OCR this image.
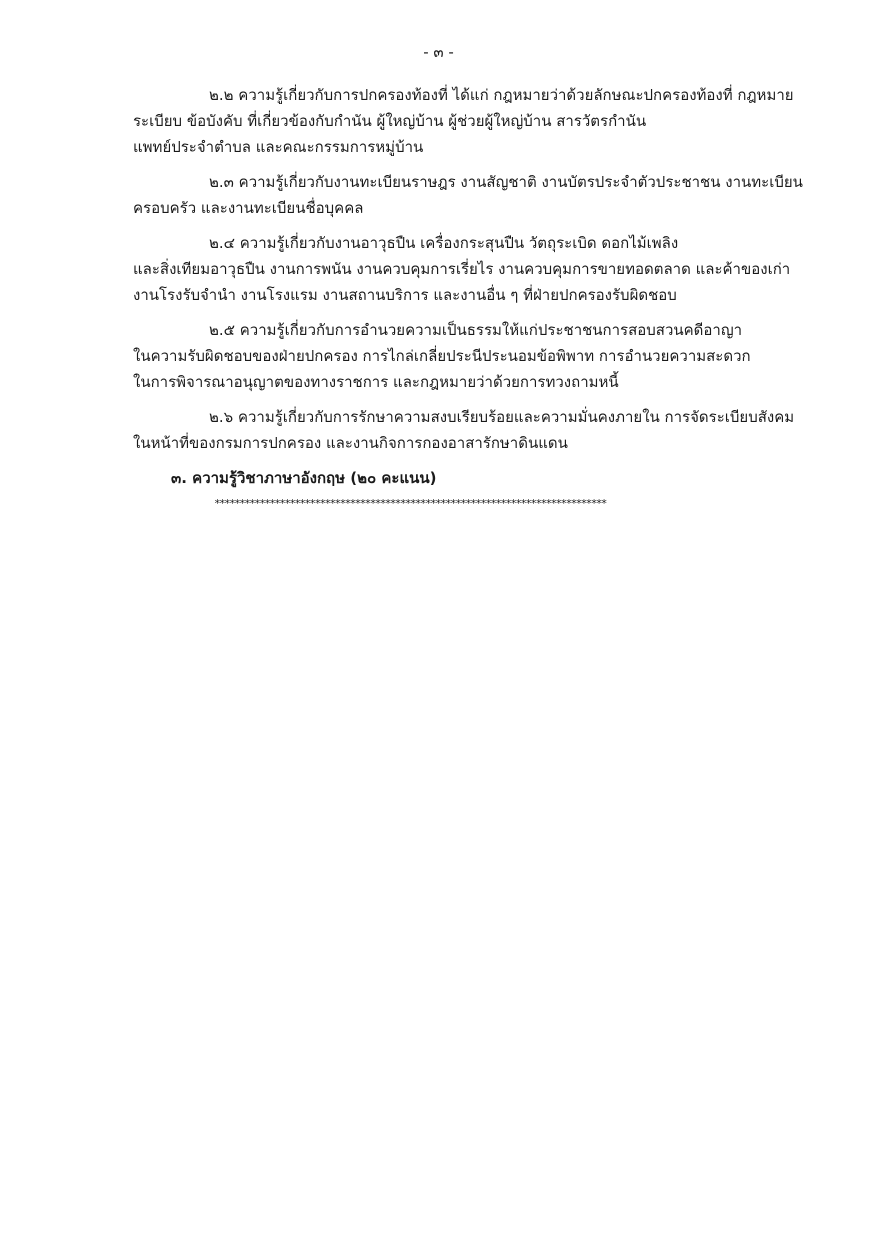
- ๓ -

๒.๒ ความรู้เกี่ยวกับการปกครองท้องที่ ได้แก่ กฎหมายว่าด้วยลักษณะปกครองท้องที่ กฎหมาย
ระเบียบ ข้อบังคับ ที่เกี่ยวข้องกับกำนัน ผู้ใหญ่บ้าน ผู้ช่วยผู้ใหญ่บ้าน สารวัตรกำนัน
แพทย์ประจำตำบล และคณะกรรมการหมู่บ้าน

๒.๓ ความรู้เกี่ยวกับงานทะเบียนราษฎร งานสัญชาติ งานบัตรประจำตัวประชาชน งานทะเบียน
ครอบครัว และงานทะเบียนชื่อบุคคล

๒.๔ ความรู้เกี่ยวกับงานอาวุธปืน เครื่องกระสุนปืน วัตถุระเบิด ดอกไม้เพลิง
และสิ่งเทียมอาวุธปืน งานการพนัน งานควบคุมการเรี่ยไร งานควบคุมการขายทอดตลาด และค้าของเก่า
งานโรงรับจำนำ งานโรงแรม งานสถานบริการ และงานอื่น ๆ ที่ฝ่ายปกครองรับผิดชอบ

๒.๕ ความรู้เกี่ยวกับการอำนวยความเป็นธรรมให้แก่ประชาชนการสอบสวนคดีอาญา
ในความรับผิดชอบของฝ่ายปกครอง การไกล่เกลี่ยประนีประนอมข้อพิพาท การอำนวยความสะดวก
ในการพิจารณาอนุญาตของทางราชการ และกฎหมายว่าด้วยการทวงถามหนี้

๒.๖ ความรู้เกี่ยวกับการรักษาความสงบเรียบร้อยและความมั่นคงภายใน การจัดระเบียบสังคม
ในหน้าที่ของกรมการปกครอง และงานกิจการกองอาสารักษาดินแดน

๓. ความรู้วิชาภาษาอังกฤษ (๒๐ คะแนน)

******************************************************************************
